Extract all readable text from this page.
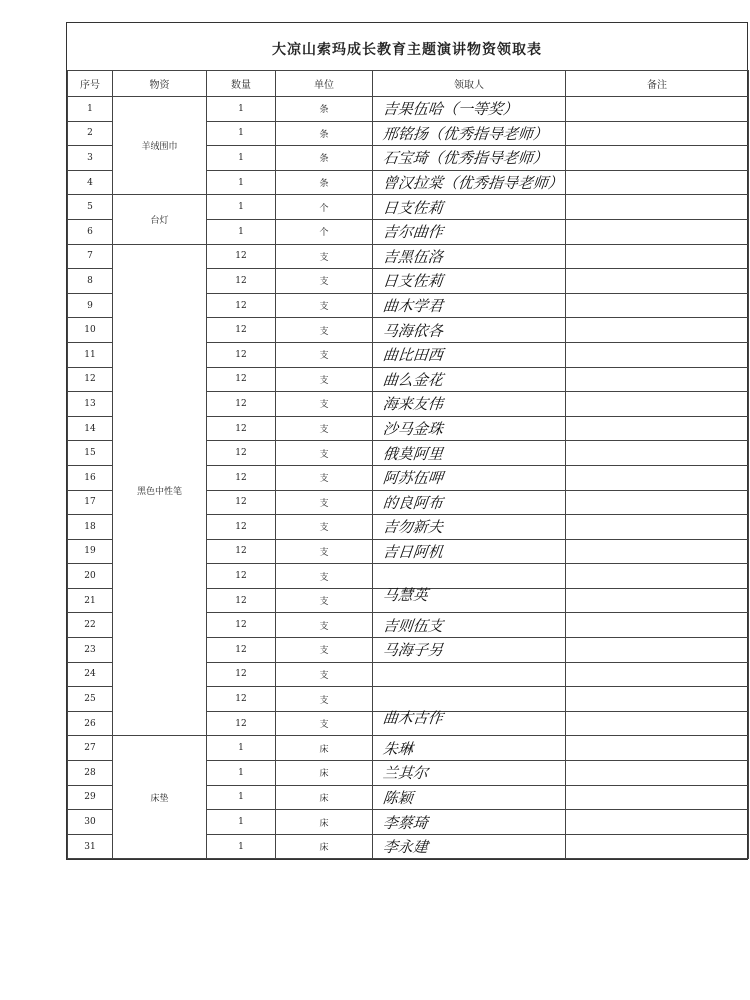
大凉山索玛成长教育主题演讲物资领取表
序号	物资	数量	单位	领取人	备注
1	羊绒围巾	1	条	吉果伍哈（一等奖）	
2		1	条	邢铭扬（优秀指导老师）	
3		1	条	石宝琦（优秀指导老师）	
4		1	条	曾汉拉棠（优秀指导老师）	
5	台灯	1	个	日支佐莉	
6		1	个	吉尔曲作	
7	黑色中性笔	12	支	吉黑伍洛	
8		12	支	日支佐莉	
9		12	支	曲木学君	
10		12	支	马海依各	
11		12	支	曲比田西	
12		12	支	曲么金花	
13		12	支	海来友伟	
14		12	支	沙马金珠	
15		12	支	俄莫阿里	
16		12	支	阿苏伍呷	
17		12	支	的良阿布	
18		12	支	吉勿新夫	
19		12	支	吉日阿机	
20		12	支		
21		12	支	马慧英	
22		12	支	吉则伍支	
23		12	支	马海子另	
24		12	支		
25		12	支		
26		12	支	曲木古作	
27	床垫	1	床	朱琳	
28		1	床	兰其尔	
29		1	床	陈颖	
30		1	床	李蔡琦	
31		1	床	李永建	
